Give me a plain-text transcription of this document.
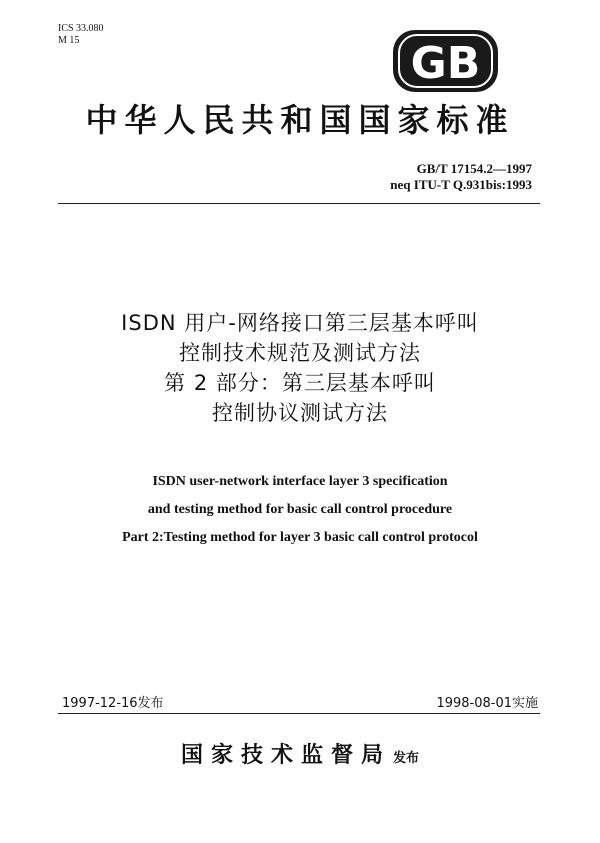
ICS 33.080
M 15	GB
中华人民共和国国家标准
GB/T 17154.2—1997
neq ITU-T Q.931bis:1993
ISDN 用户-网络接口第三层基本呼叫
控制技术规范及测试方法
第 2 部分：第三层基本呼叫
控制协议测试方法
ISDN user-network interface layer 3 specification
and testing method for basic call control procedure
Part 2:Testing method for layer 3 basic call control protocol
1997-12-16发布	1998-08-01实施
国家技术监督局 发布
